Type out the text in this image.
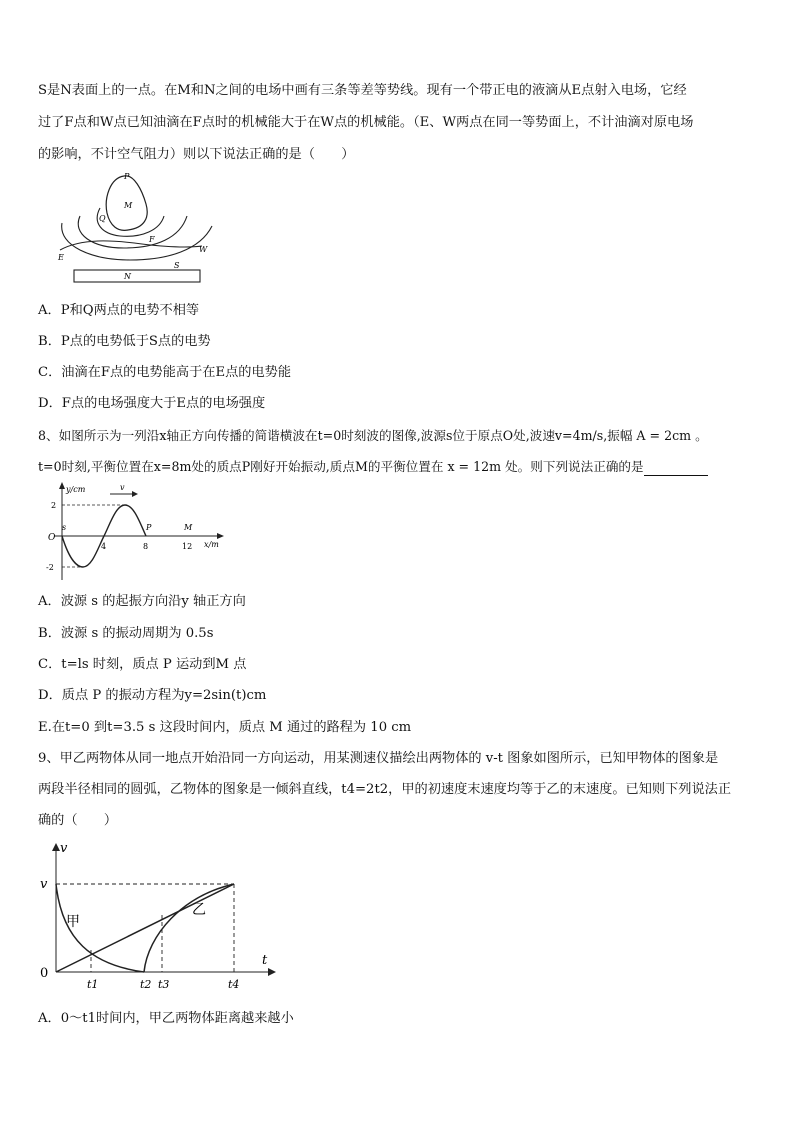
S是N表面上的一点。在M和N之间的电场中画有三条等差等势线。现有一个带正电的液滴从E点射入电场，它经
过了F点和W点已知油滴在F点时的机械能大于在W点的机械能。（E、W两点在同一等势面上，不计油滴对原电场
的影响，不计空气阻力）则以下说法正确的是（　　）
P
M
Q
F
W
E
N
S
A．P和Q两点的电势不相等
B．P点的电势低于S点的电势
C．油滴在F点的电势能高于在E点的电势能
D．F点的电场强度大于E点的电场强度
8、如图所示为一列沿x轴正方向传播的简谐横波在t=0时刻波的图像,波源s位于原点O处,波速v=4m/s,振幅 A = 2cm 。
t=0时刻,平衡位置在x=8m处的质点P刚好开始振动,质点M的平衡位置在 x = 12m 处。则下列说法正确的是
v
y/cm
x/m
O
s	P	M
4	8	12
2
-2
A．波源 s 的起振方向沿y 轴正方向
B．波源 s 的振动周期为 0.5s
C．t=ls 时刻，质点 P 运动到M 点
D．质点 P 的振动方程为y=2sin(t)cm
E.在t=0 到t=3.5 s 这段时间内，质点 M 通过的路程为 10 cm
9、甲乙两物体从同一地点开始沿同一方向运动，用某测速仪描绘出两物体的 v-t 图象如图所示，已知甲物体的图象是
两段半径相同的圆弧，乙物体的图象是一倾斜直线，t4=2t2，甲的初速度末速度均等于乙的末速度。已知则下列说法正
确的（　　）
v
t
v
0
甲
乙
t1	t2 t3	t4
A．0～t1时间内，甲乙两物体距离越来越小
